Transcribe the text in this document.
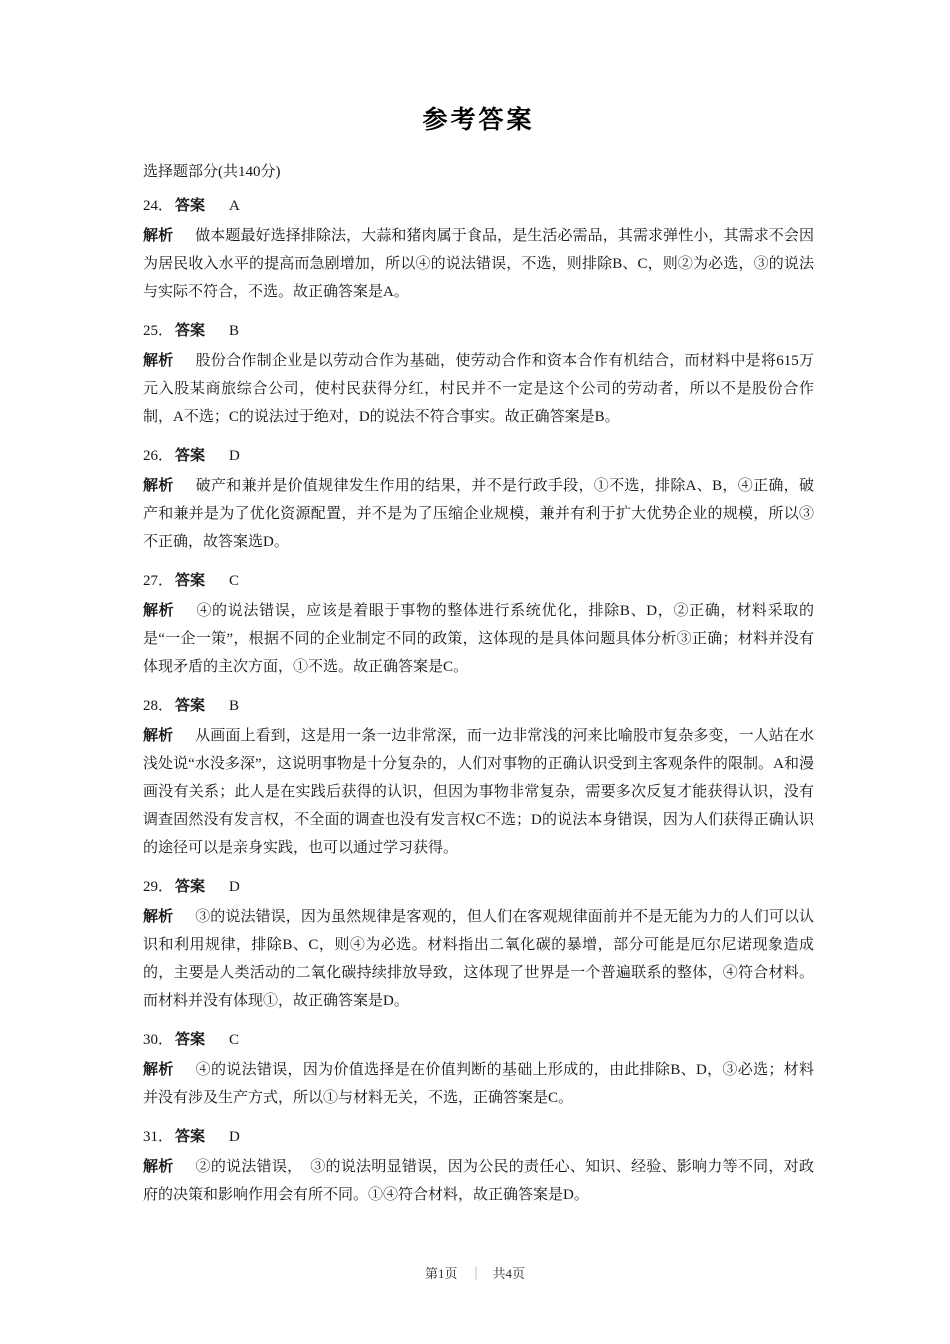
参考答案
选择题部分(共140分)
24． 答案 A
解析 做本题最好选择排除法，大蒜和猪肉属于食品，是生活必需品，其需求弹性小，其需求不会因为居民收入水平的提高而急剧增加，所以④的说法错误，不选，则排除B、C，则②为必选，③的说法与实际不符合，不选。故正确答案是A。
25． 答案 B
解析 股份合作制企业是以劳动合作为基础，使劳动合作和资本合作有机结合，而材料中是将615万元入股某商旅综合公司，使村民获得分红，村民并不一定是这个公司的劳动者，所以不是股份合作制，A不选；C的说法过于绝对，D的说法不符合事实。故正确答案是B。
26． 答案 D
解析 破产和兼并是价值规律发生作用的结果，并不是行政手段，①不选，排除A、B，④正确，破产和兼并是为了优化资源配置，并不是为了压缩企业规模，兼并有利于扩大优势企业的规模，所以③不正确，故答案选D。
27． 答案 C
解析 ④的说法错误，应该是着眼于事物的整体进行系统优化，排除B、D，②正确，材料采取的是“一企一策”，根据不同的企业制定不同的政策，这体现的是具体问题具体分析③正确；材料并没有体现矛盾的主次方面，①不选。故正确答案是C。
28． 答案 B
解析 从画面上看到，这是用一条一边非常深，而一边非常浅的河来比喻股市复杂多变，一人站在水浅处说“水没多深”，这说明事物是十分复杂的，人们对事物的正确认识受到主客观条件的限制。A和漫画没有关系；此人是在实践后获得的认识，但因为事物非常复杂，需要多次反复才能获得认识，没有调查固然没有发言权，不全面的调查也没有发言权C不选；D的说法本身错误，因为人们获得正确认识的途径可以是亲身实践，也可以通过学习获得。
29． 答案 D
解析 ③的说法错误，因为虽然规律是客观的，但人们在客观规律面前并不是无能为力的人们可以认识和利用规律，排除B、C，则④为必选。材料指出二氧化碳的暴增，部分可能是厄尔尼诺现象造成的，主要是人类活动的二氧化碳持续排放导致，这体现了世界是一个普遍联系的整体，④符合材料。而材料并没有体现①，故正确答案是D。
30． 答案 C
解析 ④的说法错误，因为价值选择是在价值判断的基础上形成的，由此排除B、D，③必选；材料并没有涉及生产方式，所以①与材料无关，不选，正确答案是C。
31． 答案 D
解析 ②的说法错误，　③的说法明显错误，因为公民的责任心、知识、经验、影响力等不同，对政府的决策和影响作用会有所不同。①④符合材料，故正确答案是D。
第1页 ｜ 共4页
